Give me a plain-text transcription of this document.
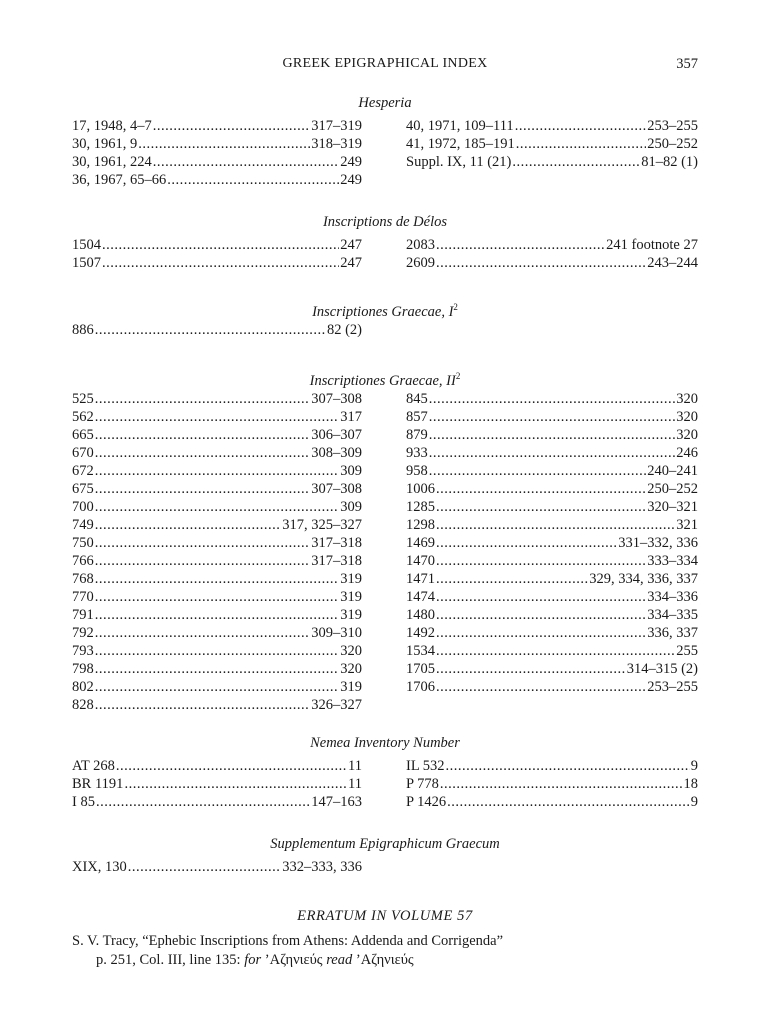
GREEK EPIGRAPHICAL INDEX	357
Hesperia
17, 1948, 4–7 .....	317–319
30, 1961, 9 .....	318–319
30, 1961, 224 .....	249
36, 1967, 65–66 .....	249
40, 1971, 109–111 .....	253–255
41, 1972, 185–191 .....	250–252
Suppl. IX, 11 (21) .....	81–82 (1)
Inscriptions de Délos
1504 .....	247
1507 .....	247
2083 .....	241 footnote 27
2609 .....	243–244
Inscriptiones Graecae, $I^2$
886 .....	82 (2)
Inscriptiones Graecae, $II^2$
525 .....	307–308
562 .....	317
665 .....	306–307
670 .....	308–309
672 .....	309
675 .....	307–308
700 .....	309
749 .....	317, 325–327
750 .....	317–318
766 .....	317–318
768 .....	319
770 .....	319
791 .....	319
792 .....	309–310
793 .....	320
798 .....	320
802 .....	319
828 .....	326–327
845 .....	320
857 .....	320
879 .....	320
933 .....	246
958 .....	240–241
1006 .....	250–252
1285 .....	320–321
1298 .....	321
1469 .....	331–332, 336
1470 .....	333–334
1471 .....	329, 334, 336, 337
1474 .....	334–336
1480 .....	334–335
1492 .....	336, 337
1534 .....	255
1705 .....	314–315 (2)
1706 .....	253–255
Nemea Inventory Number
AT 268 .....	11
BR 1191 .....	11
I 85 .....	147–163
IL 532 .....	9
P 778 .....	18
P 1426 .....	9
Supplementum Epigraphicum Graecum
XIX, 130 .....	332–333, 336
ERRATUM IN VOLUME 57
S. V. Tracy, “Ephebic Inscriptions from Athens: Addenda and Corrigenda”
p. 251, Col. III, line 135: for ’Αζηνιεύς read ’Αζηνιεύς
